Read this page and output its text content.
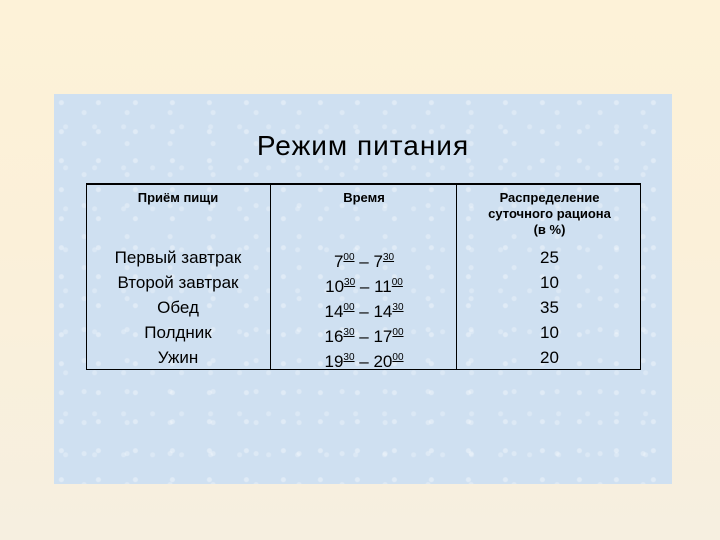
Режим питания
Приём пищи
Первый завтрак
Второй завтрак
Обед
Полдник
Ужин
Время
$7^{00} - 7^{30}$
$10^{30} - 11^{00}$
$14^{00} - 14^{30}$
$16^{30} - 17^{00}$
$19^{30} - 20^{00}$
Распределение
суточного рациона
(в %)
25
10
35
10
20
